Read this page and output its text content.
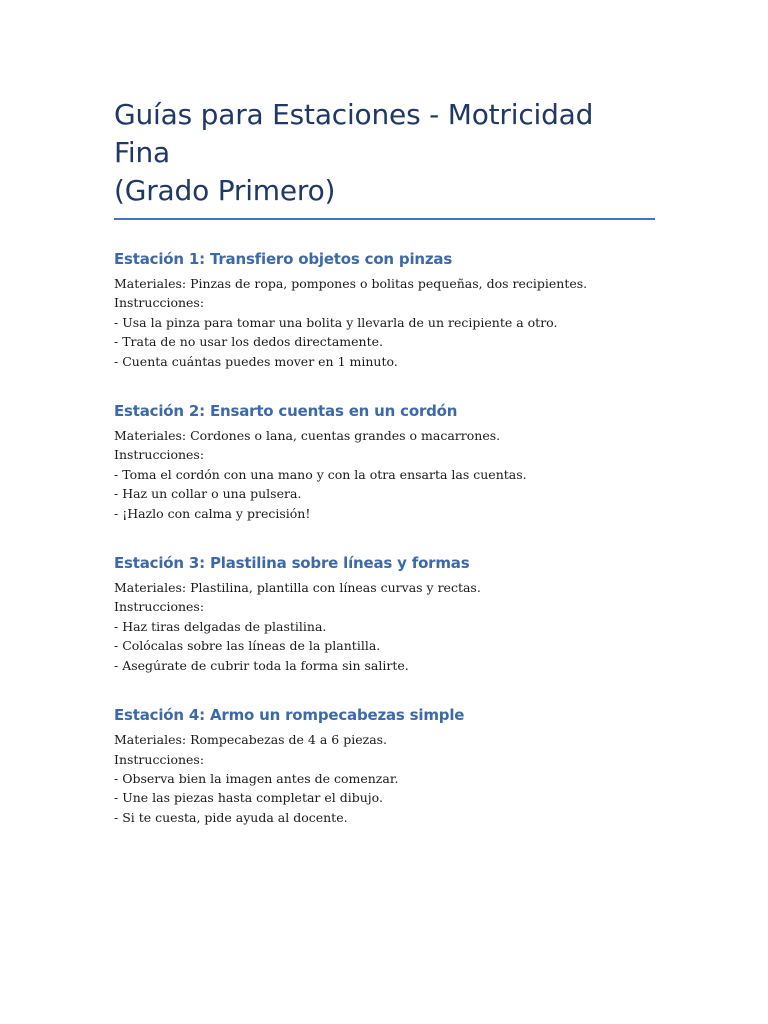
Guías para Estaciones - Motricidad Fina
(Grado Primero)
Estación 1: Transfiero objetos con pinzas

Materiales: Pinzas de ropa, pompones o bolitas pequeñas, dos recipientes.

Instrucciones:

- Usa la pinza para tomar una bolita y llevarla de un recipiente a otro.

- Trata de no usar los dedos directamente.

- Cuenta cuántas puedes mover en 1 minuto.

Estación 2: Ensarto cuentas en un cordón

Materiales: Cordones o lana, cuentas grandes o macarrones.

Instrucciones:

- Toma el cordón con una mano y con la otra ensarta las cuentas.

- Haz un collar o una pulsera.

- ¡Hazlo con calma y precisión!

Estación 3: Plastilina sobre líneas y formas

Materiales: Plastilina, plantilla con líneas curvas y rectas.

Instrucciones:

- Haz tiras delgadas de plastilina.

- Colócalas sobre las líneas de la plantilla.

- Asegúrate de cubrir toda la forma sin salirte.

Estación 4: Armo un rompecabezas simple

Materiales: Rompecabezas de 4 a 6 piezas.

Instrucciones:

- Observa bien la imagen antes de comenzar.

- Une las piezas hasta completar el dibujo.

- Si te cuesta, pide ayuda al docente.
